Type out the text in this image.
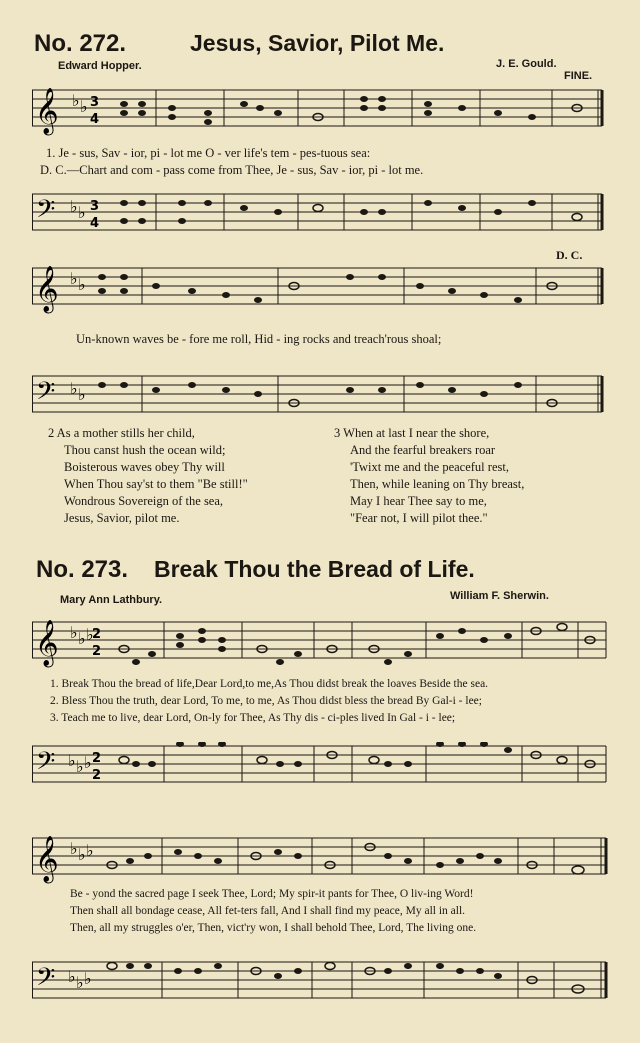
No. 272.	Jesus, Savior, Pilot Me.
Edward Hopper.	J. E. Gould.
FINE.
𝄞 ♭ ♭ 3
4
1. Je - sus, Sav - ior, pi - lot me O - ver life's tem - pes-tuous sea:
D. C.—Chart and com - pass come from Thee, Je - sus, Sav - ior, pi - lot me.
𝄢 ♭ ♭ 3
4
D. C.
𝄞 ♭ ♭
Un-known waves be - fore me roll, Hid - ing rocks and treach'rous shoal;
𝄢 ♭ ♭
2 As a mother stills her child,
Thou canst hush the ocean wild;
Boisterous waves obey Thy will
When Thou say'st to them "Be still!"
Wondrous Sovereign of the sea,
Jesus, Savior, pilot me.
3 When at last I near the shore,
And the fearful breakers roar
'Twixt me and the peaceful rest,
Then, while leaning on Thy breast,
May I hear Thee say to me,
"Fear not, I will pilot thee."
No. 273. Break Thou the Bread of Life.
Mary Ann Lathbury.	William F. Sherwin.
𝄞 ♭ ♭ ♭
2
2
1. Break Thou the bread of life,Dear Lord,to me,As Thou didst break the loaves Beside the sea.
2. Bless Thou the truth, dear Lord, To me, to me, As Thou didst bless the bread By Gal-i - lee;
3. Teach me to live, dear Lord, On-ly for Thee, As Thy dis - ci-ples lived In Gal - i - lee;
𝄢 ♭ ♭ ♭ 2
2
𝄞 ♭ ♭ ♭
Be - yond the sacred page I seek Thee, Lord; My spir-it pants for Thee, O liv-ing Word!
Then shall all bondage cease, All fet-ters fall, And I shall find my peace, My all in all.
Then, all my struggles o'er, Then, vict'ry won, I shall behold Thee, Lord, The living one.
𝄢 ♭ ♭ ♭
